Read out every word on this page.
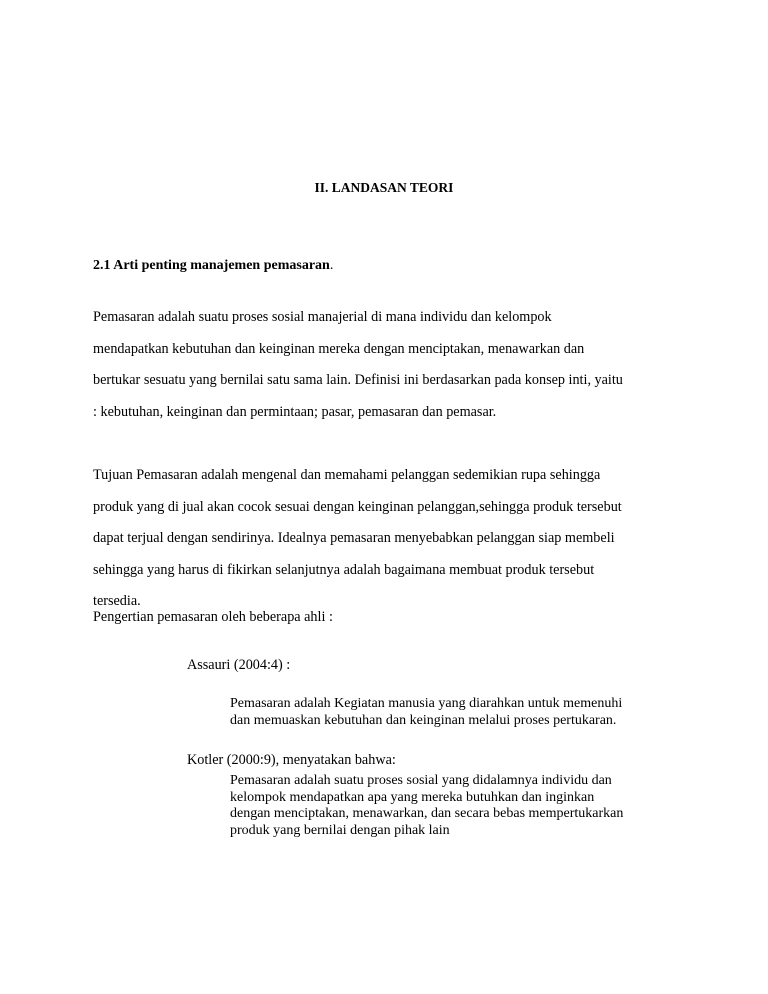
II. LANDASAN TEORI
2.1 Arti penting manajemen pemasaran.

Pemasaran adalah suatu proses sosial manajerial di mana individu dan kelompok
mendapatkan kebutuhan dan keinginan mereka dengan menciptakan, menawarkan dan
bertukar sesuatu yang bernilai satu sama lain. Definisi ini berdasarkan pada konsep inti, yaitu
: kebutuhan, keinginan dan permintaan; pasar, pemasaran dan pemasar.

Tujuan Pemasaran adalah mengenal dan memahami pelanggan sedemikian rupa sehingga
produk yang di jual akan cocok sesuai dengan keinginan pelanggan,sehingga produk tersebut
dapat terjual dengan sendirinya. Idealnya pemasaran menyebabkan pelanggan siap membeli
sehingga yang harus di fikirkan selanjutnya adalah bagaimana membuat produk tersebut
tersedia.

Pengertian pemasaran oleh beberapa ahli :

Assauri (2004:4) :

Pemasaran adalah Kegiatan manusia yang diarahkan untuk memenuhi
dan memuaskan kebutuhan dan keinginan melalui proses pertukaran.

Kotler (2000:9), menyatakan bahwa:

Pemasaran adalah suatu proses sosial yang didalamnya individu dan
kelompok mendapatkan apa yang mereka butuhkan dan inginkan
dengan menciptakan, menawarkan, dan secara bebas mempertukarkan
produk yang bernilai dengan pihak lain
